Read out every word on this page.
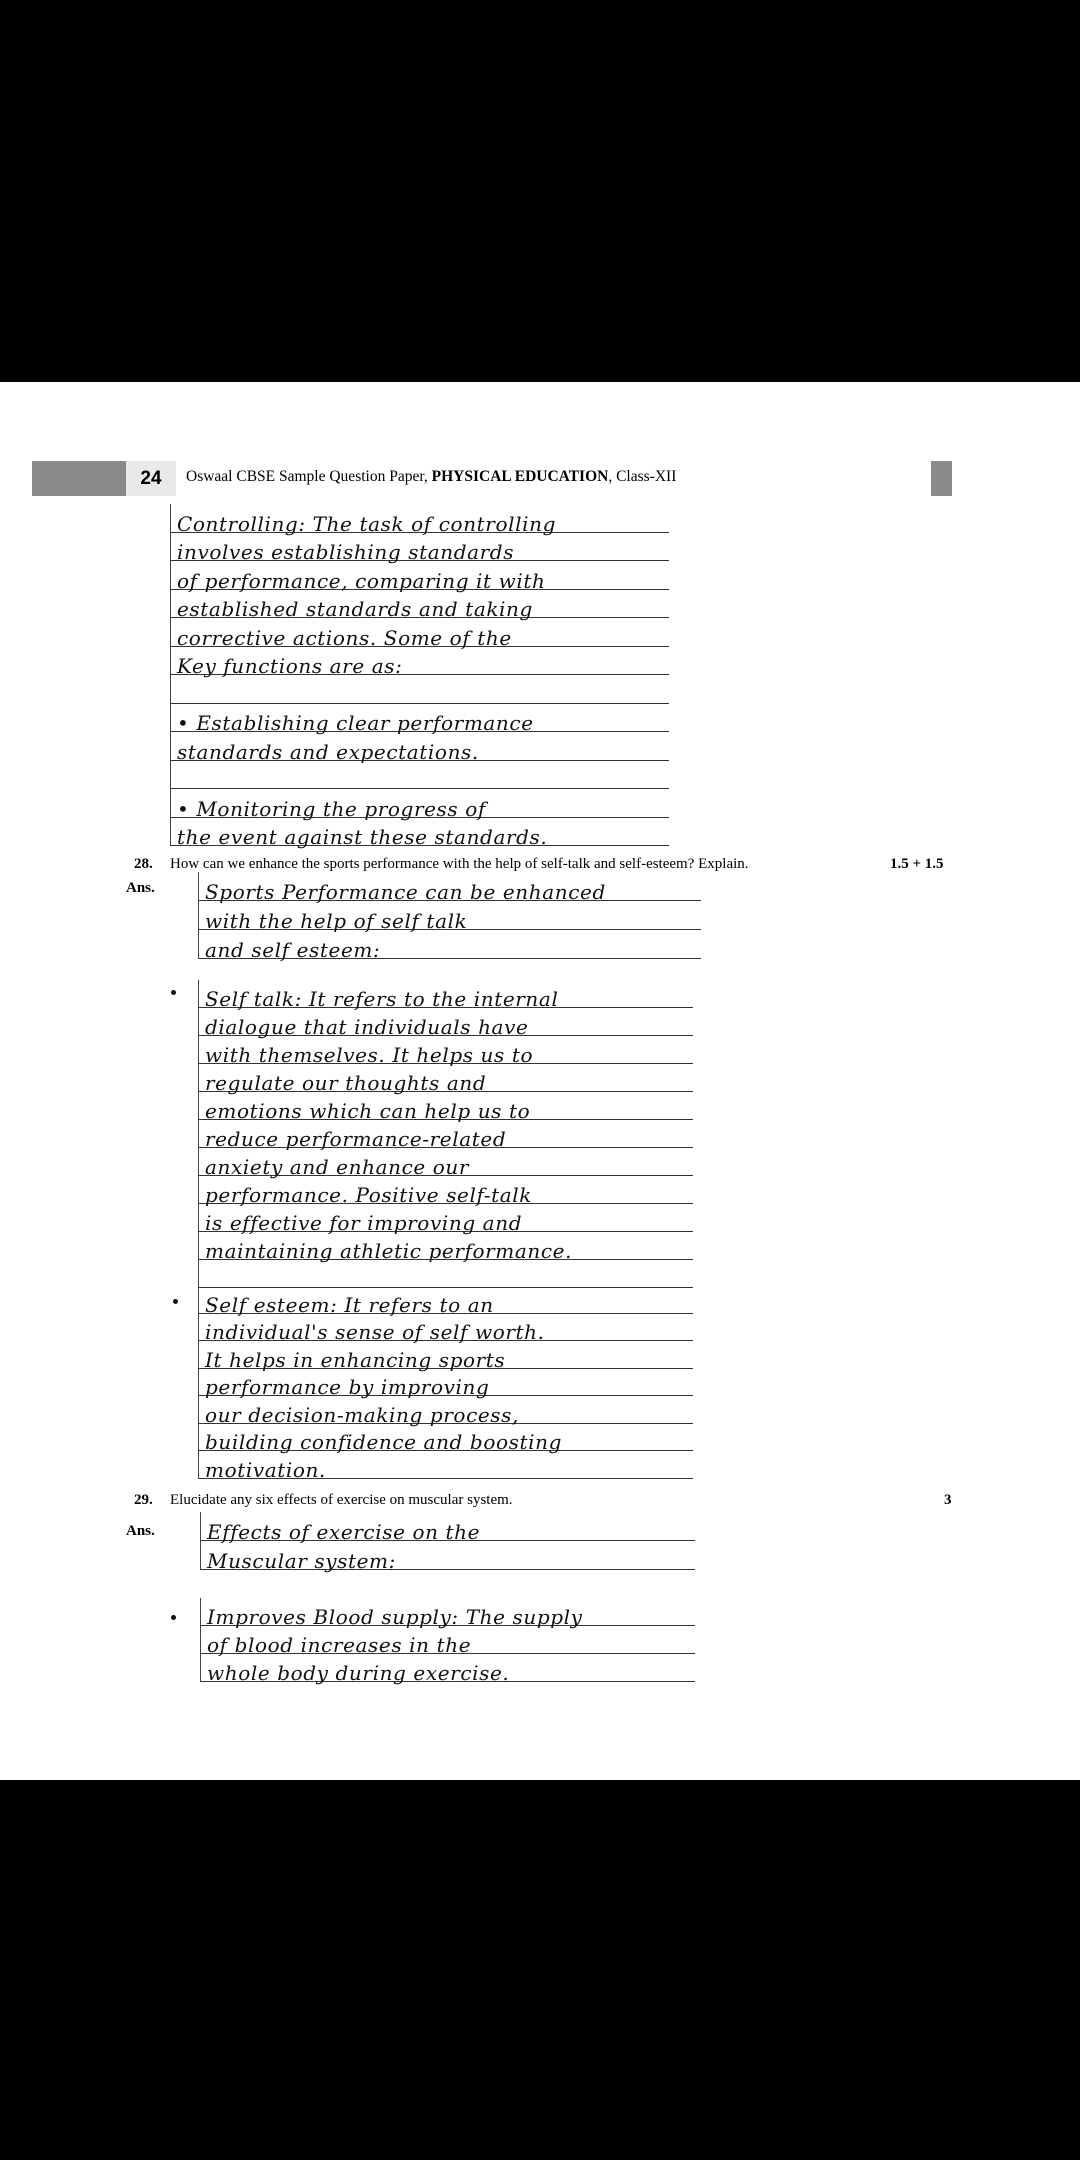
24	Oswaal CBSE Sample Question Paper, PHYSICAL EDUCATION, Class-XII
Controlling: The task of controlling
involves establishing standards
of performance, comparing it with
established standards and taking
corrective actions. Some of the
Key functions are as:
• Establishing clear performance
standards and expectations.
• Monitoring the progress of
the event against these standards.
28. How can we enhance the sports performance with the help of self-talk and self-esteem? Explain.	1.5 + 1.5
Ans.	Sports Performance can be enhanced
with the help of self talk
and self esteem:
Self talk: It refers to the internal
dialogue that individuals have
with themselves. It helps us to
regulate our thoughts and
emotions which can help us to
reduce performance-related
anxiety and enhance our
performance. Positive self-talk
is effective for improving and
maintaining athletic performance.
Self esteem: It refers to an
individual's sense of self worth.
It helps in enhancing sports
performance by improving
our decision-making process,
building confidence and boosting
motivation.
29. Elucidate any six effects of exercise on muscular system.	3
Ans.	Effects of exercise on the
Muscular system:
Improves Blood supply: The supply
of blood increases in the
whole body during exercise.
